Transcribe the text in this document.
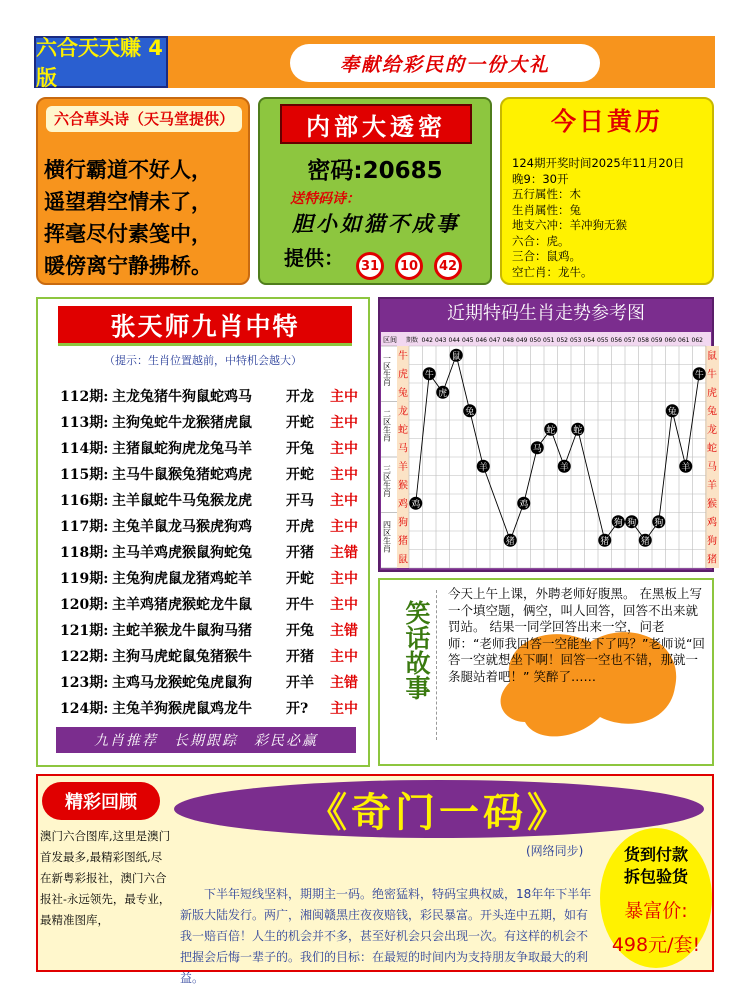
六合天天赚 4版
奉献给彩民的一份大礼
六合草头诗（天马堂提供）
横行霸道不好人，
遥望碧空情未了，
挥毫尽付素笺中，
暖傍离宁静拂桥。
内部大透密
密码:20685
送特码诗：
胆小如猫不成事
提供： 31 10 42
今日黄历
124期开奖时间2025年11月20日
晚9：30开
五行属性：木
生肖属性：兔
地支六冲：羊冲狗无猴
六合：虎。
三合：鼠鸡。
空亡肖：龙牛。
张天师九肖中特
（提示：生肖位置越前，中特机会越大）
112期: 主龙兔猪牛狗鼠蛇鸡马 开龙 主中
113期: 主狗兔蛇牛龙猴猪虎鼠 开蛇 主中
114期: 主猪鼠蛇狗虎龙兔马羊 开兔 主中
115期: 主马牛鼠猴兔猪蛇鸡虎 开蛇 主中
116期: 主羊鼠蛇牛马兔猴龙虎 开马 主中
117期: 主兔羊鼠龙马猴虎狗鸡 开虎 主中
118期: 主马羊鸡虎猴鼠狗蛇兔 开猪 主错
119期: 主兔狗虎鼠龙猪鸡蛇羊 开蛇 主中
120期: 主羊鸡猪虎猴蛇龙牛鼠 开牛 主中
121期: 主蛇羊猴龙牛鼠狗马猪 开兔 主错
122期: 主狗马虎蛇鼠兔猪猴牛 开猪 主中
123期: 主鸡马龙猴蛇兔虎鼠狗 开羊 主错
124期: 主兔羊狗猴虎鼠鸡龙牛 开? 主中
九肖推荐　长期跟踪　彩民必赢
近期特码生肖走势参考图
区间 期数 042 043 044 045 046 047 048 049 050 051 052 053 054 055 056 057 058 059 060 061 062
一区生肖
二区生肖
三区生肖
四区生肖
牛	鼠
虎	牛
兔	虎
龙	兔
蛇	龙
马	蛇
羊	马
猴	羊
鸡	猴
狗	鸡
猪	狗
鼠	猪
鸡
牛
虎
鼠
兔
羊
猪
鸡
马
蛇
羊
蛇
猪
狗 狗
猪
狗
兔
羊
牛
笑话故事
今天上午上课，外聘老师好腹黑。 在黑板上写一个填空题，俩空，叫人回答，回答不出来就罚站。 结果一同学回答出来一空，问老师：“老师我回答一空能坐下了吗？”老师说“回答一空就想坐下啊！回答一空也不错，那就一条腿站着吧！” 笑醉了……
精彩回顾
澳门六合图库,这里是澳门首发最多,最精彩图纸,尽在新粤彩报社，澳门六合报社-永远领先，最专业，最精准图库，
《奇门一码》
(网络同步)
下半年短线坚料，期期主一码。绝密猛料，特码宝典权威，18年年下半年新版大陆发行。两广，湘闽赣黑庄夜夜赔钱，彩民暴富。开头连中五期，如有我一赔百倍！人生的机会并不多，甚至好机会只会出现一次。有这样的机会不把握会后悔一辈子的。我们的目标：在最短的时间内为支持朋友争取最大的利益。
货到付款
拆包验货
暴富价:
498元/套!
